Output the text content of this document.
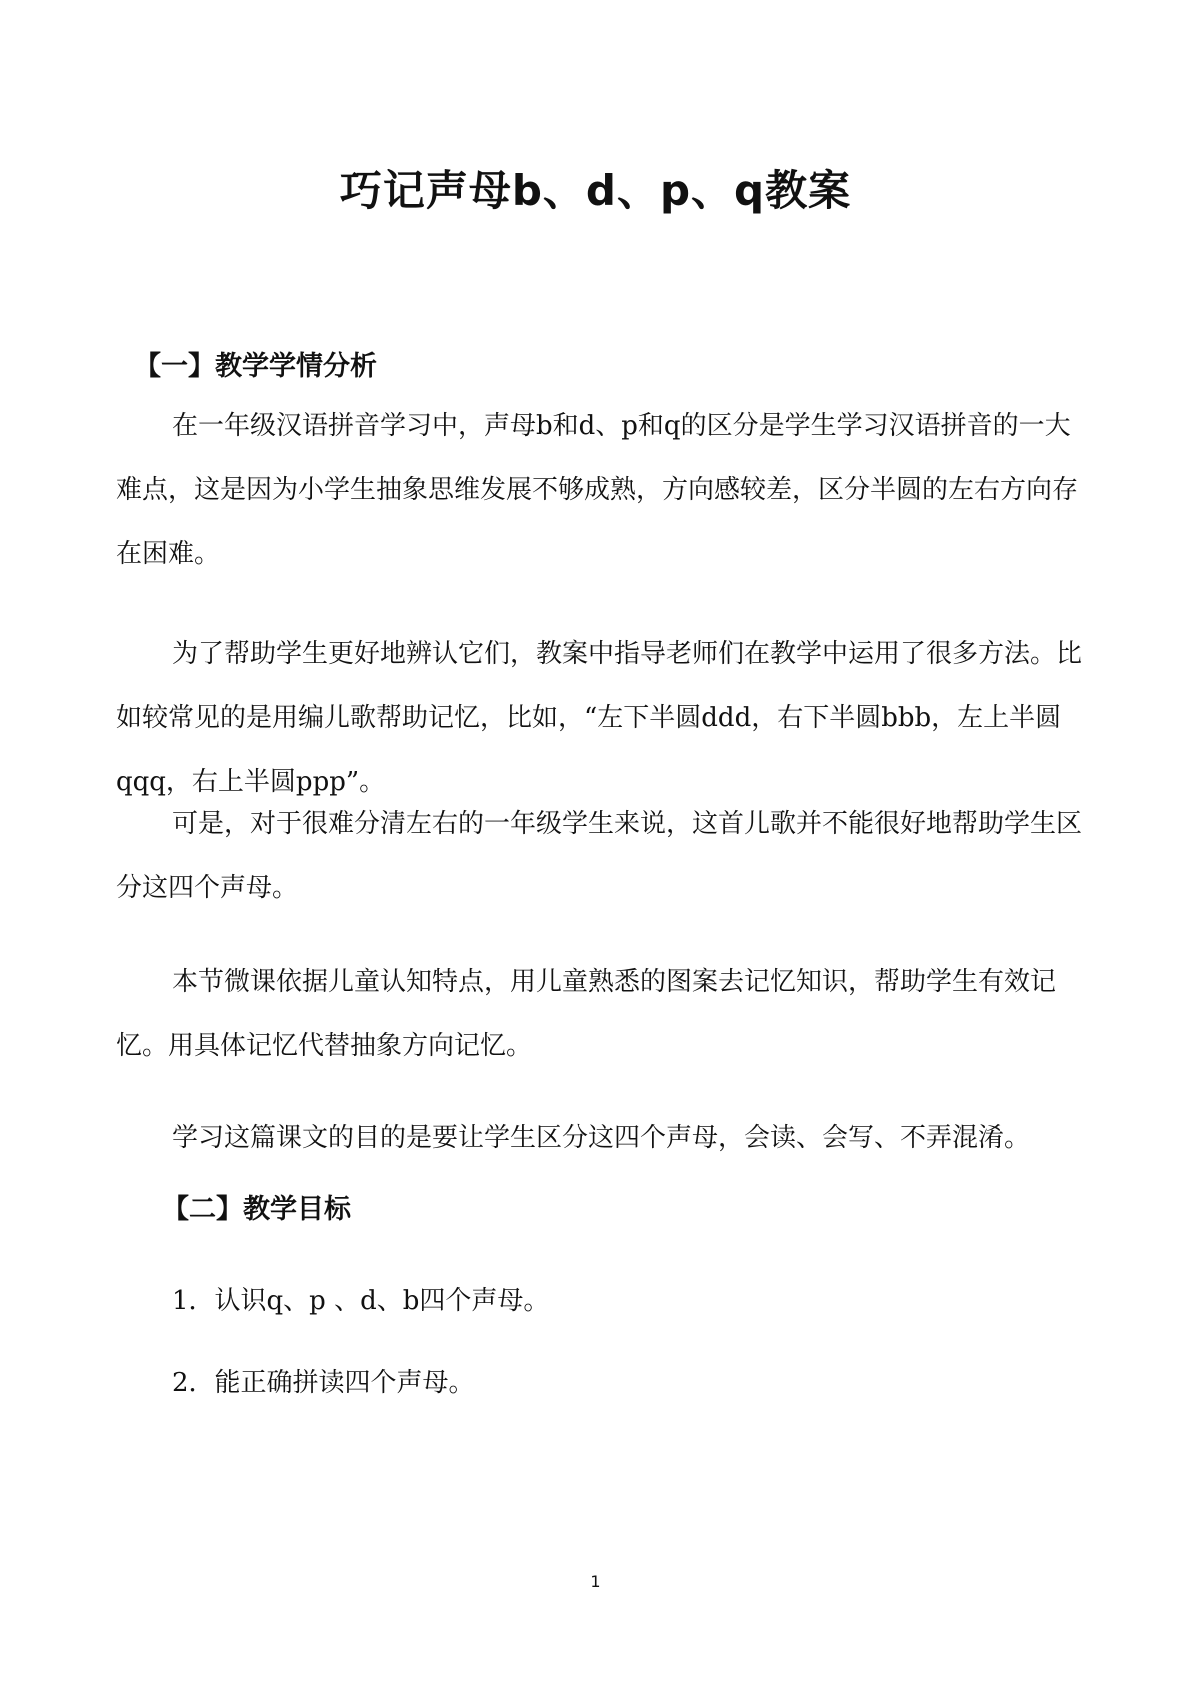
巧记声母b、d、p、q教案
【一】教学学情分析

在一年级汉语拼音学习中，声母b和d、p和q的区分是学生学习汉语拼音的一大难点，这是因为小学生抽象思维发展不够成熟，方向感较差，区分半圆的左右方向存在困难。

为了帮助学生更好地辨认它们，教案中指导老师们在教学中运用了很多方法。比如较常见的是用编儿歌帮助记忆，比如，“左下半圆ddd，右下半圆bbb，左上半圆qqq，右上半圆ppp”。

可是，对于很难分清左右的一年级学生来说，这首儿歌并不能很好地帮助学生区分这四个声母。

本节微课依据儿童认知特点，用儿童熟悉的图案去记忆知识，帮助学生有效记忆。用具体记忆代替抽象方向记忆。

学习这篇课文的目的是要让学生区分这四个声母，会读、会写、不弄混淆。

【二】教学目标

1．认识q、p 、d、b四个声母。

2．能正确拼读四个声母。

1
